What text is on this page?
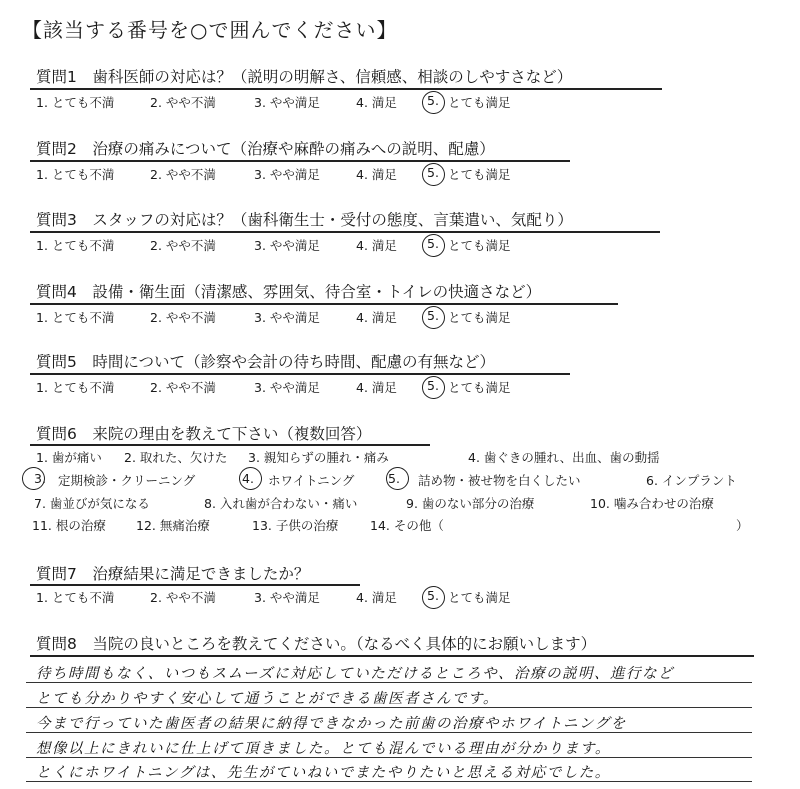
【該当する番号を○で囲んでください】
質問1　歯科医師の対応は？（説明の明解さ、信頼感、相談のしやすさなど）
1. とても不満	2. やや不満	3. やや満足	4. 満足 5. とても満足
質問2　治療の痛みについて（治療や麻酔の痛みへの説明、配慮）
1. とても不満	2. やや不満	3. やや満足	4. 満足 5. とても満足
質問3　スタッフの対応は？（歯科衛生士・受付の態度、言葉遣い、気配り）
1. とても不満	2. やや不満	3. やや満足	4. 満足 5. とても満足
質問4　設備・衛生面（清潔感、雰囲気、待合室・トイレの快適さなど）
1. とても不満	2. やや不満	3. やや満足	4. 満足 5. とても満足
質問5　時間について（診察や会計の待ち時間、配慮の有無など）
1. とても不満	2. やや不満	3. やや満足	4. 満足 5. とても満足
質問6　来院の理由を教えて下さい（複数回答）
1. 歯が痛い 2. 取れた、欠けた 3. 親知らずの腫れ・痛み	4. 歯ぐきの腫れ、出血、歯の動揺
3. 定期検診・クリーニング	4. ホワイトニング	5. 詰め物・被せ物を白くしたい	6. インプラント
7. 歯並びが気になる	8. 入れ歯が合わない・痛い	9. 歯のない部分の治療	10. 噛み合わせの治療
11. 根の治療 12. 無痛治療	13. 子供の治療	14. その他（	）
質問7　治療結果に満足できましたか？
1. とても不満	2. やや不満	3. やや満足	4. 満足 5. とても満足
質問8　当院の良いところを教えてください。（なるべく具体的にお願いします）
待ち時間もなく、いつもスムーズに対応していただけるところや、治療の説明、進行など
とても分かりやすく安心して通うことができる歯医者さんです。
今まで行っていた歯医者の結果に納得できなかった前歯の治療やホワイトニングを
想像以上にきれいに仕上げて頂きました。とても混んでいる理由が分かります。
とくにホワイトニングは、先生がていねいでまたやりたいと思える対応でした。
